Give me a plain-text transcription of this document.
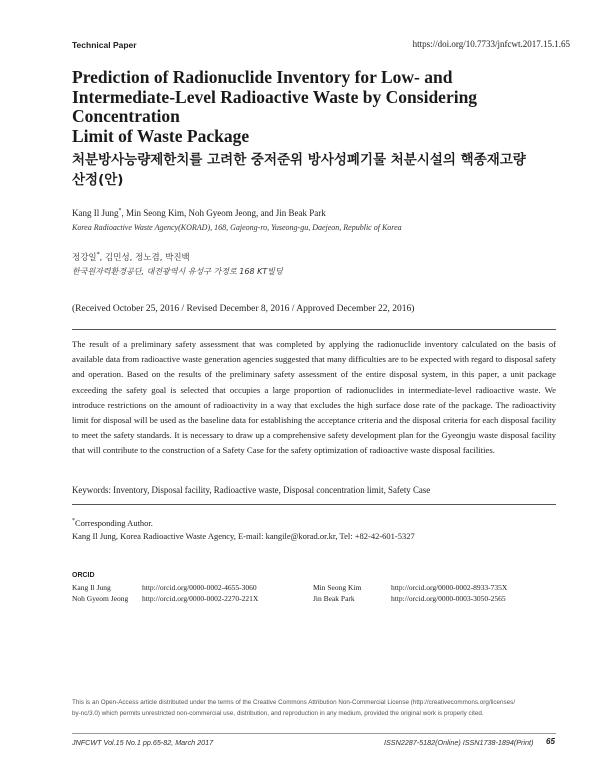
Technical Paper	https://doi.org/10.7733/jnfcwt.2017.15.1.65
Prediction of Radionuclide Inventory for Low- and
Intermediate-Level Radioactive Waste by Considering Concentration
Limit of Waste Package
처분방사능량제한치를 고려한 중저준위 방사성폐기물 처분시설의 핵종재고량
산정(안)
Kang Il Jung*, Min Seong Kim, Noh Gyeom Jeong, and Jin Beak Park
Korea Radioactive Waste Agency(KORAD), 168, Gajeong-ro, Yuseong-gu, Daejeon, Republic of Korea
정강일*, 김민성, 정노겸, 박진백
한국원자력환경공단, 대전광역시 유성구 가정로 168 KT빌딩
(Received October 25, 2016 / Revised December 8, 2016 / Approved December 22, 2016)
The result of a preliminary safety assessment that was completed by applying the radionuclide inventory calculated on the basis of available data from radioactive waste generation agencies suggested that many difficulties are to be expected with regard to disposal safety and operation. Based on the results of the preliminary safety assessment of the entire disposal system, in this paper, a unit package exceeding the safety goal is selected that occupies a large proportion of radionuclides in intermediate-level radioactive waste. We introduce restrictions on the amount of radioactivity in a way that excludes the high surface dose rate of the package. The radioactivity limit for disposal will be used as the baseline data for establishing the acceptance criteria and the disposal criteria for each disposal facility to meet the safety standards. It is necessary to draw up a comprehensive safety development plan for the Gyeongju waste disposal facility that will contribute to the construction of a Safety Case for the safety optimization of radioactive waste disposal facilities.
Keywords: Inventory, Disposal facility, Radioactive waste, Disposal concentration limit, Safety Case
*Corresponding Author.
Kang Il Jung, Korea Radioactive Waste Agency, E-mail: kangile@korad.or.kr, Tel: +82-42-601-5327
ORCID
Kang Il Jung	http://orcid.org/0000-0002-4655-3060	Min Seong Kim	http://orcid.org/0000-0002-8933-735X
Noh Gyeom Jeong	http://orcid.org/0000-0002-2270-221X	Jin Beak Park	http://orcid.org/0000-0003-3050-2565
This is an Open-Access article distributed under the terms of the Creative Commons Attribution Non-Commercial License (http://creativecommons.org/licenses/
by-nc/3.0) which permits unrestricted non-commercial use, distribution, and reproduction in any medium, provided the original work is properly cited.
JNFCWT Vol.15 No.1 pp.65-82, March 2017	ISSN2287-5182(Online) ISSN1738-1894(Print) 65
